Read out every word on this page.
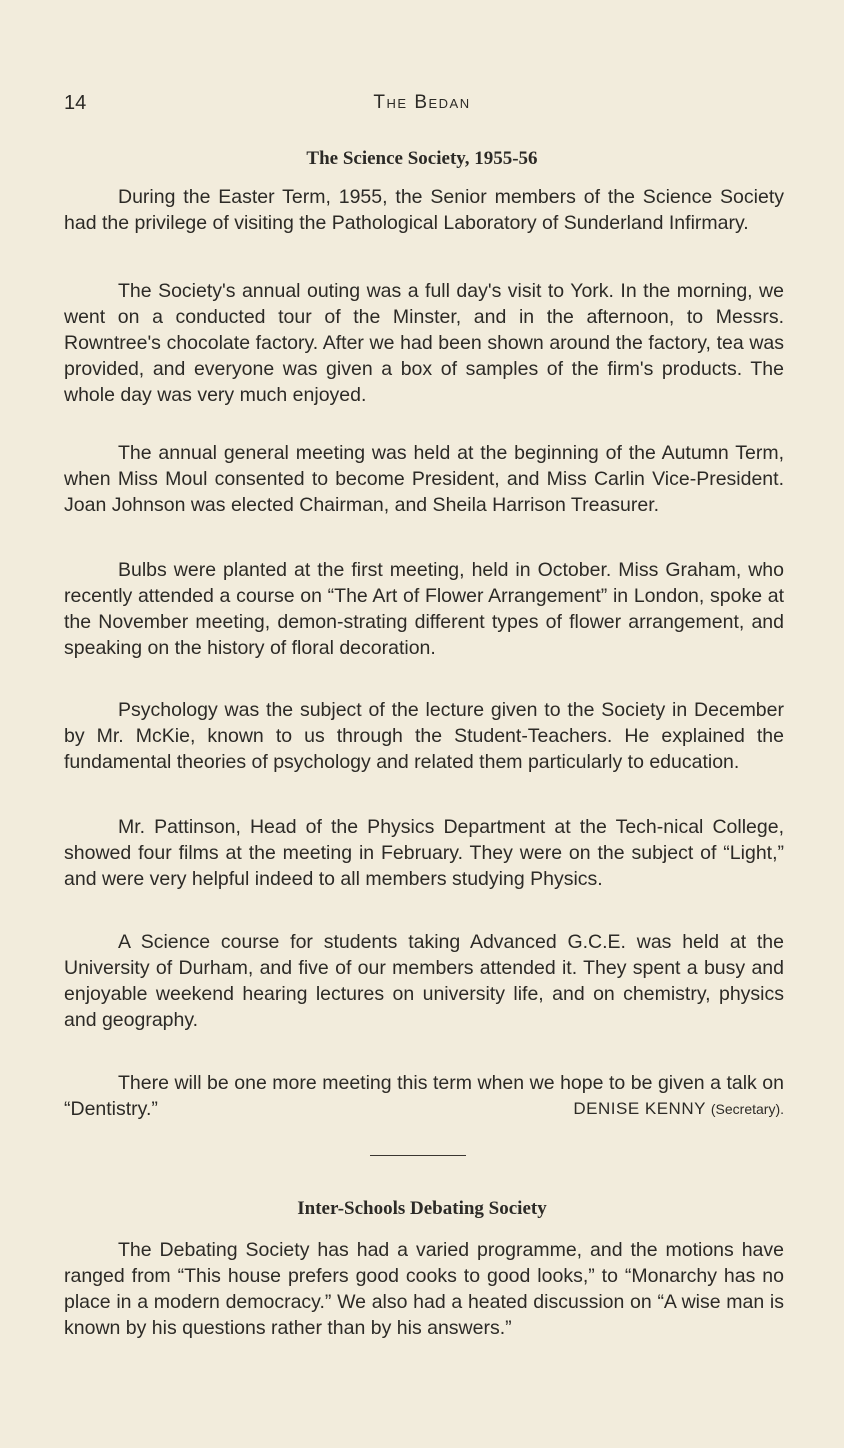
14	The Bedan
The Science Society, 1955-56

During the Easter Term, 1955, the Senior members of the Science Society had the privilege of visiting the Pathological Laboratory of Sunderland Infirmary.

The Society's annual outing was a full day's visit to York. In the morning, we went on a conducted tour of the Minster, and in the afternoon, to Messrs. Rowntree's chocolate factory. After we had been shown around the factory, tea was provided, and everyone was given a box of samples of the firm's products. The whole day was very much enjoyed.

The annual general meeting was held at the beginning of the Autumn Term, when Miss Moul consented to become President, and Miss Carlin Vice-President. Joan Johnson was elected Chairman, and Sheila Harrison Treasurer.

Bulbs were planted at the first meeting, held in October. Miss Graham, who recently attended a course on “The Art of Flower Arrangement” in London, spoke at the November meeting, demon-strating different types of flower arrangement, and speaking on the history of floral decoration.

Psychology was the subject of the lecture given to the Society in December by Mr. McKie, known to us through the Student-Teachers. He explained the fundamental theories of psychology and related them particularly to education.

Mr. Pattinson, Head of the Physics Department at the Tech-nical College, showed four films at the meeting in February. They were on the subject of “Light,” and were very helpful indeed to all members studying Physics.

A Science course for students taking Advanced G.C.E. was held at the University of Durham, and five of our members attended it. They spent a busy and enjoyable weekend hearing lectures on university life, and on chemistry, physics and geography.

There will be one more meeting this term when we hope to be given a talk on “Dentistry.”	DENISE KENNY (Secretary).

Inter-Schools Debating Society

The Debating Society has had a varied programme, and the motions have ranged from “This house prefers good cooks to good looks,” to “Monarchy has no place in a modern democracy.” We also had a heated discussion on “A wise man is known by his questions rather than by his answers.”
